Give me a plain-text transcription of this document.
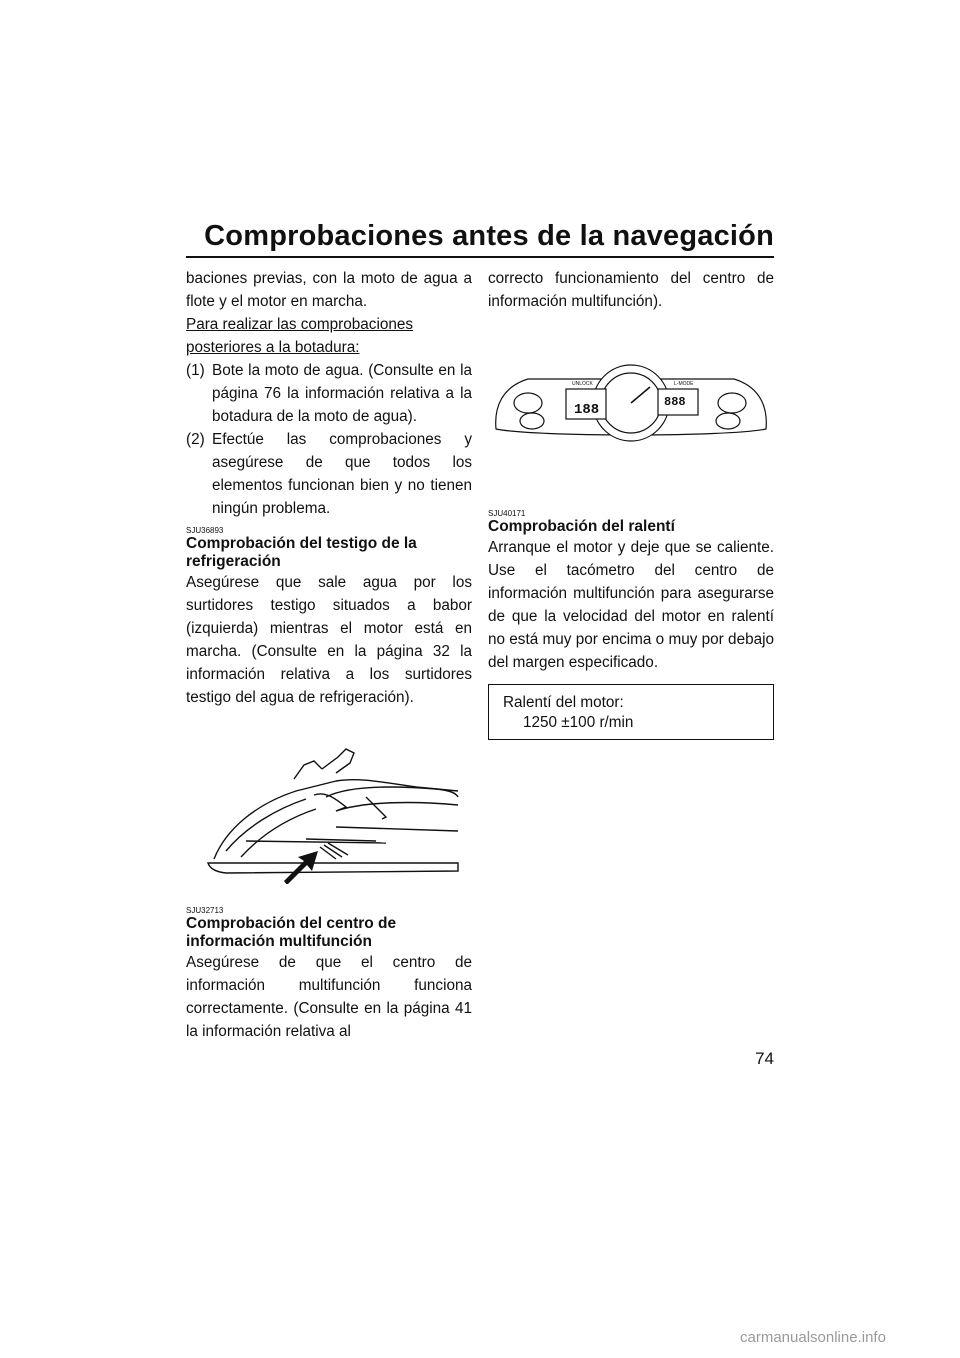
Comprobaciones antes de la navegación

baciones previas, con la moto de agua a flote y el motor en marcha.

Para realizar las comprobaciones posteriores a la botadura:

(1) Bote la moto de agua. (Consulte en la página 76 la información relativa a la botadura de la moto de agua).
(2) Efectúe las comprobaciones y asegúrese de que todos los elementos funcionan bien y no tienen ningún problema.
SJU36893
Comprobación del testigo de la refrigeración

Asegúrese que sale agua por los surtidores testigo situados a babor (izquierda) mientras el motor está en marcha. (Consulte en la página 32 la información relativa a los surtidores testigo del agua de refrigeración).

SJU32713
Comprobación del centro de información multifunción

Asegúrese de que el centro de información multifunción funciona correctamente. (Consulte en la página 41 la información relativa al

correcto funcionamiento del centro de información multifunción).

UNLOCK	L-MODE
188	888
SJU40171
Comprobación del ralentí

Arranque el motor y deje que se caliente. Use el tacómetro del centro de información multifunción para asegurarse de que la velocidad del motor en ralentí no está muy por encima o muy por debajo del margen especificado.

Ralentí del motor:
1250 ±100 r/min
74
carmanualsonline.info
